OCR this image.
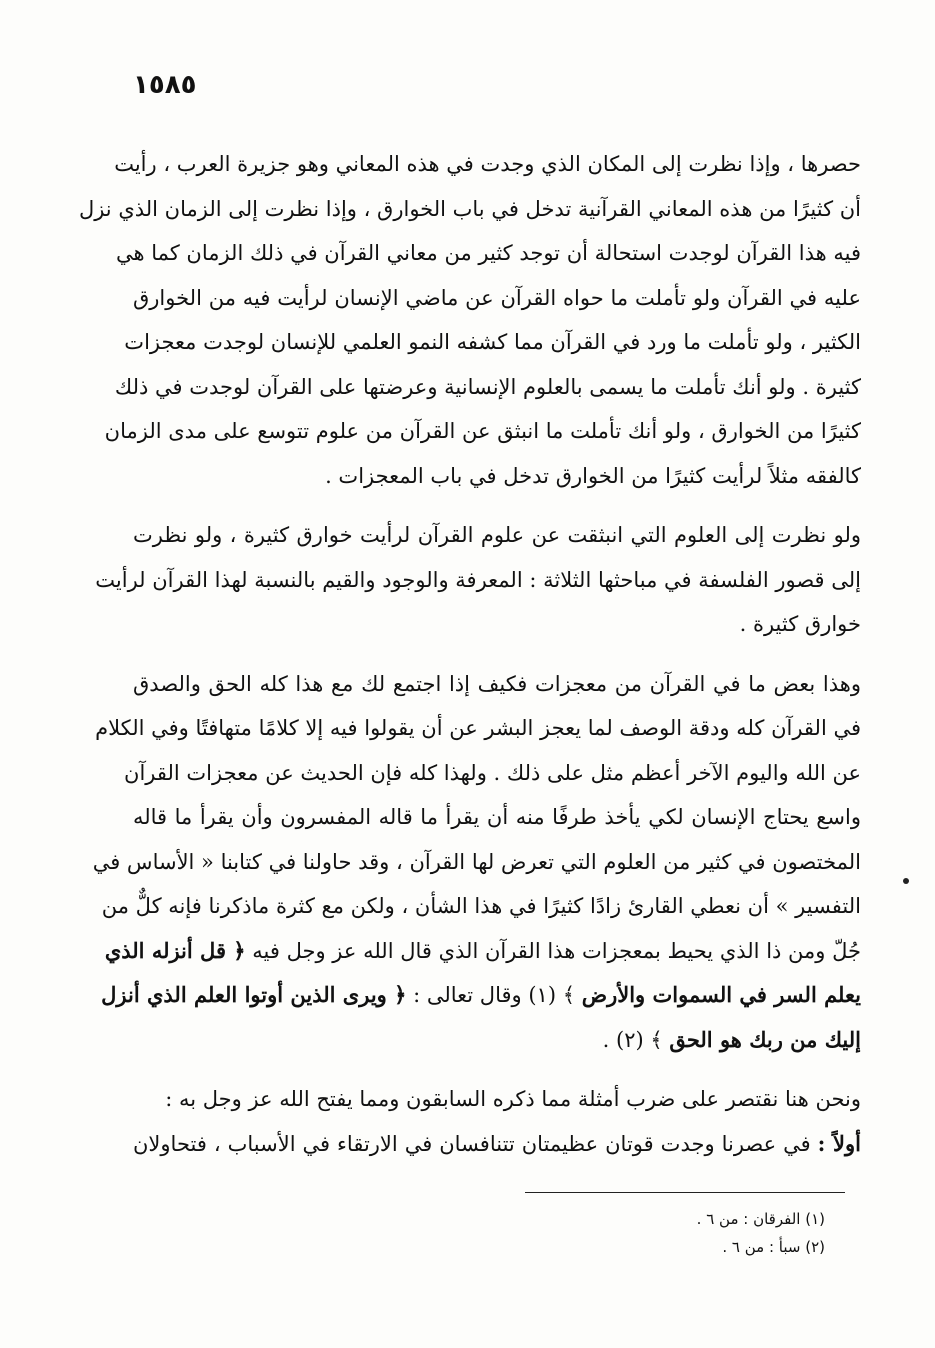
١٥٨٥
حصرها ، وإذا نظرت إلى المكان الذي وجدت في هذه المعاني وهو جزيرة العرب ، رأيت
أن كثيرًا من هذه المعاني القرآنية تدخل في باب الخوارق ، وإذا نظرت إلى الزمان الذي نزل
فيه هذا القرآن لوجدت استحالة أن توجد كثير من معاني القرآن في ذلك الزمان كما هي
عليه في القرآن ولو تأملت ما حواه القرآن عن ماضي الإنسان لرأيت فيه من الخوارق
الكثير ، ولو تأملت ما ورد في القرآن مما كشفه النمو العلمي للإنسان لوجدت معجزات
كثيرة . ولو أنك تأملت ما يسمى بالعلوم الإنسانية وعرضتها على القرآن لوجدت في ذلك
كثيرًا من الخوارق ، ولو أنك تأملت ما انبثق عن القرآن من علوم تتوسع على مدى الزمان
كالفقه مثلاً لرأيت كثيرًا من الخوارق تدخل في باب المعجزات .
ولو نظرت إلى العلوم التي انبثقت عن علوم القرآن لرأيت خوارق كثيرة ، ولو نظرت
إلى قصور الفلسفة في مباحثها الثلاثة : المعرفة والوجود والقيم بالنسبة لهذا القرآن لرأيت
خوارق كثيرة .
وهذا بعض ما في القرآن من معجزات فكيف إذا اجتمع لك مع هذا كله الحق والصدق
في القرآن كله ودقة الوصف لما يعجز البشر عن أن يقولوا فيه إلا كلامًا متهافتًا وفي الكلام
عن الله واليوم الآخر أعظم مثل على ذلك . ولهذا كله فإن الحديث عن معجزات القرآن
واسع يحتاج الإنسان لكي يأخذ طرفًا منه أن يقرأ ما قاله المفسرون وأن يقرأ ما قاله
المختصون في كثير من العلوم التي تعرض لها القرآن ، وقد حاولنا في كتابنا « الأساس في
التفسير » أن نعطي القارئ زادًا كثيرًا في هذا الشأن ، ولكن مع كثرة ماذكرنا فإنه كلٌّ من
جُلّ ومن ذا الذي يحيط بمعجزات هذا القرآن الذي قال الله عز وجل فيه ﴿ قل أنزله الذي
يعلم السر في السموات والأرض ﴾ (١) وقال تعالى : ﴿ ويرى الذين أوتوا العلم الذي أنزل
إليك من ربك هو الحق ﴾ (٢) .
ونحن هنا نقتصر على ضرب أمثلة مما ذكره السابقون ومما يفتح الله عز وجل به :
أولاً : في عصرنا وجدت قوتان عظيمتان تتنافسان في الارتقاء في الأسباب ، فتحاولان
(١) الفرقان : من ٦ .
(٢) سبأ : من ٦ .
